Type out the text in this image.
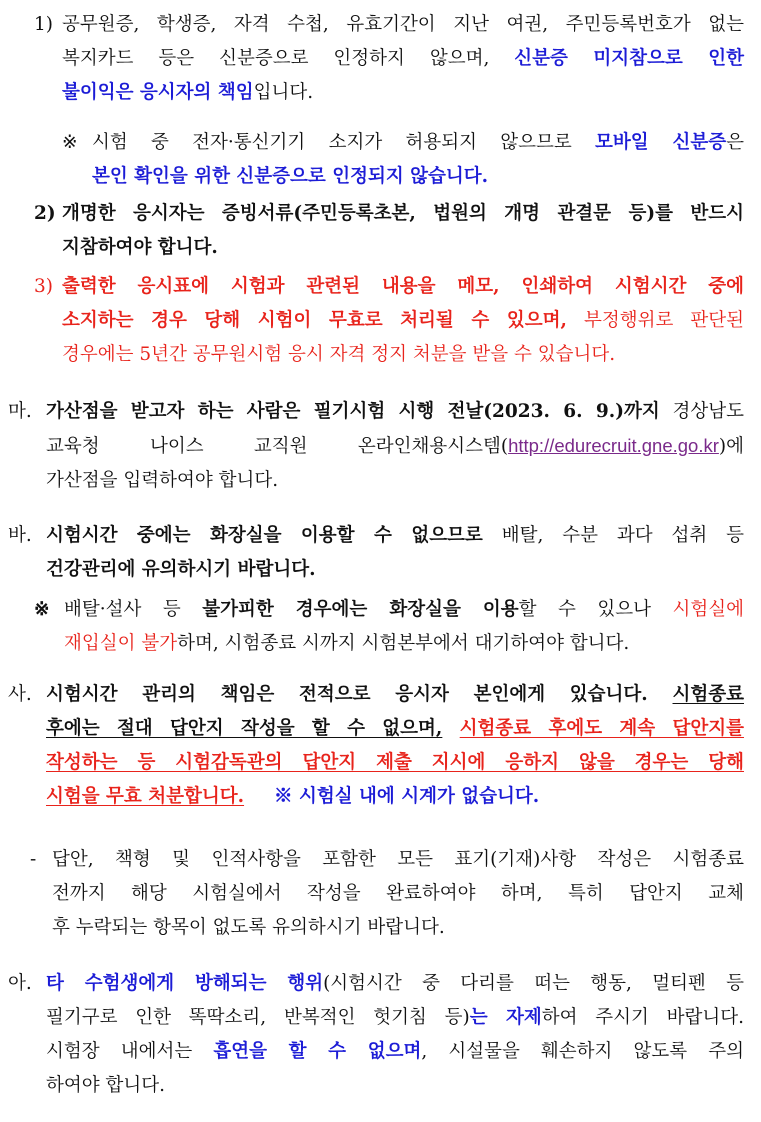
1) 공무원증, 학생증, 자격 수첩, 유효기간이 지난 여권, 주민등록번호가 없는
복지카드 등은 신분증으로 인정하지 않으며, 신분증 미지참으로 인한
불이익은 응시자의 책임입니다.
※ 시험 중 전자·통신기기 소지가 허용되지 않으므로 모바일 신분증은
본인 확인을 위한 신분증으로 인정되지 않습니다.
2) 개명한 응시자는 증빙서류(주민등록초본, 법원의 개명 관결문 등)를 반드시
지참하여야 합니다.
3) 출력한 응시표에 시험과 관련된 내용을 메모, 인쇄하여 시험시간 중에
소지하는 경우 당해 시험이 무효로 처리될 수 있으며, 부정행위로 판단된
경우에는 5년간 공무원시험 응시 자격 정지 처분을 받을 수 있습니다.
마. 가산점을 받고자 하는 사람은 필기시험 시행 전날(2023. 6. 9.)까지 경상남도
교육청 나이스 교직원 온라인채용시스템(http://edurecruit.gne.go.kr)에
가산점을 입력하여야 합니다.
바. 시험시간 중에는 화장실을 이용할 수 없으므로 배탈, 수분 과다 섭취 등
건강관리에 유의하시기 바랍니다.
※ 배탈·설사 등 불가피한 경우에는 화장실을 이용할 수 있으나 시험실에
재입실이 불가하며, 시험종료 시까지 시험본부에서 대기하여야 합니다.
사. 시험시간 관리의 책임은 전적으로 응시자 본인에게 있습니다. 시험종료
후에는 절대 답안지 작성을 할 수 없으며, 시험종료 후에도 계속 답안지를
작성하는 등 시험감독관의 답안지 제출 지시에 응하지 않을 경우는 당해
시험을 무효 처분합니다. ※ 시험실 내에 시계가 없습니다.
- 답안, 책형 및 인적사항을 포함한 모든 표기(기재)사항 작성은 시험종료
전까지 해당 시험실에서 작성을 완료하여야 하며, 특히 답안지 교체
후 누락되는 항목이 없도록 유의하시기 바랍니다.
아. 타 수험생에게 방해되는 행위(시험시간 중 다리를 떠는 행동, 멀티펜 등
필기구로 인한 똑딱소리, 반복적인 헛기침 등)는 자제하여 주시기 바랍니다.
시험장 내에서는 흡연을 할 수 없으며, 시설물을 훼손하지 않도록 주의
하여야 합니다.
